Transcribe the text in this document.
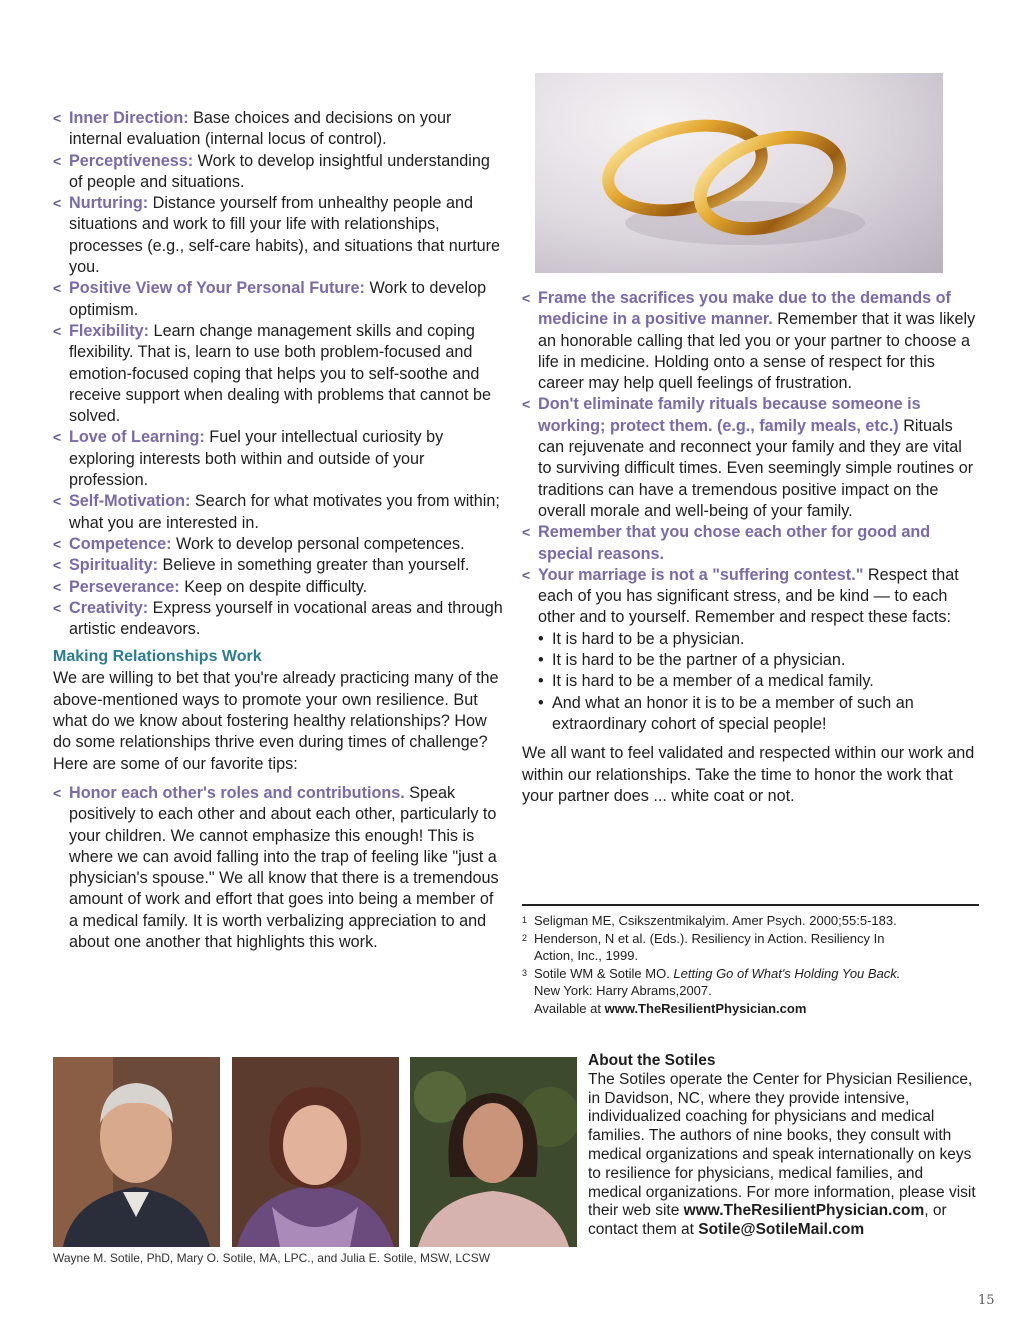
< Inner Direction: Base choices and decisions on your internal evaluation (internal locus of control).
< Perceptiveness: Work to develop insightful understanding of people and situations.
< Nurturing: Distance yourself from unhealthy people and situations and work to fill your life with relationships, processes (e.g., self-care habits), and situations that nurture you.
< Positive View of Your Personal Future: Work to develop optimism.
< Flexibility: Learn change management skills and coping flexibility. That is, learn to use both problem-focused and emotion-focused coping that helps you to self-soothe and receive support when dealing with problems that cannot be solved.
< Love of Learning: Fuel your intellectual curiosity by exploring interests both within and outside of your profession.
< Self-Motivation: Search for what motivates you from within; what you are interested in.
< Competence: Work to develop personal competences.
< Spirituality: Believe in something greater than yourself.
< Perseverance: Keep on despite difficulty.
< Creativity: Express yourself in vocational areas and through artistic endeavors.
Making Relationships Work

We are willing to bet that you're already practicing many of the above-mentioned ways to promote your own resilience. But what do we know about fostering healthy relationships? How do some relationships thrive even during times of challenge? Here are some of our favorite tips:

< Honor each other's roles and contributions. Speak positively to each other and about each other, particularly to your children. We cannot emphasize this enough! This is where we can avoid falling into the trap of feeling like "just a physician's spouse." We all know that there is a tremendous amount of work and effort that goes into being a member of a medical family. It is worth verbalizing appreciation to and about one another that highlights this work.
< Frame the sacrifices you make due to the demands of medicine in a positive manner. Remember that it was likely an honorable calling that led you or your partner to choose a life in medicine. Holding onto a sense of respect for this career may help quell feelings of frustration.
< Don't eliminate family rituals because someone is working; protect them. (e.g., family meals, etc.) Rituals can rejuvenate and reconnect your family and they are vital to surviving difficult times. Even seemingly simple routines or traditions can have a tremendous positive impact on the overall morale and well-being of your family.
< Remember that you chose each other for good and special reasons.
< Your marriage is not a "suffering contest." Respect that each of you has significant stress, and be kind — to each other and to yourself. Remember and respect these facts:
• It is hard to be a physician.
• It is hard to be the partner of a physician.
• It is hard to be a member of a medical family.
• And what an honor it is to be a member of such an extraordinary cohort of special people!

We all want to feel validated and respected within our work and within our relationships. Take the time to honor the work that your partner does ... white coat or not.

1 Seligman ME, Csikszentmikalyim. Amer Psych. 2000;55:5-183.
2 Henderson, N et al. (Eds.). Resiliency in Action. Resiliency In
Action, Inc., 1999.
3 Sotile WM & Sotile MO. Letting Go of What's Holding You Back.
New York: Harry Abrams,2007.
Available at www.TheResilientPhysician.com
Wayne M. Sotile, PhD, Mary O. Sotile, MA, LPC., and Julia E. Sotile, MSW, LCSW
About the Sotiles
The Sotiles operate the Center for Physician Resilience, in Davidson, NC, where they provide intensive, individualized coaching for physicians and medical families. The authors of nine books, they consult with medical organizations and speak internationally on keys to resilience for physicians, medical families, and medical organizations. For more information, please visit their web site www.TheResilientPhysician.com, or contact them at Sotile@SotileMail.com
15
